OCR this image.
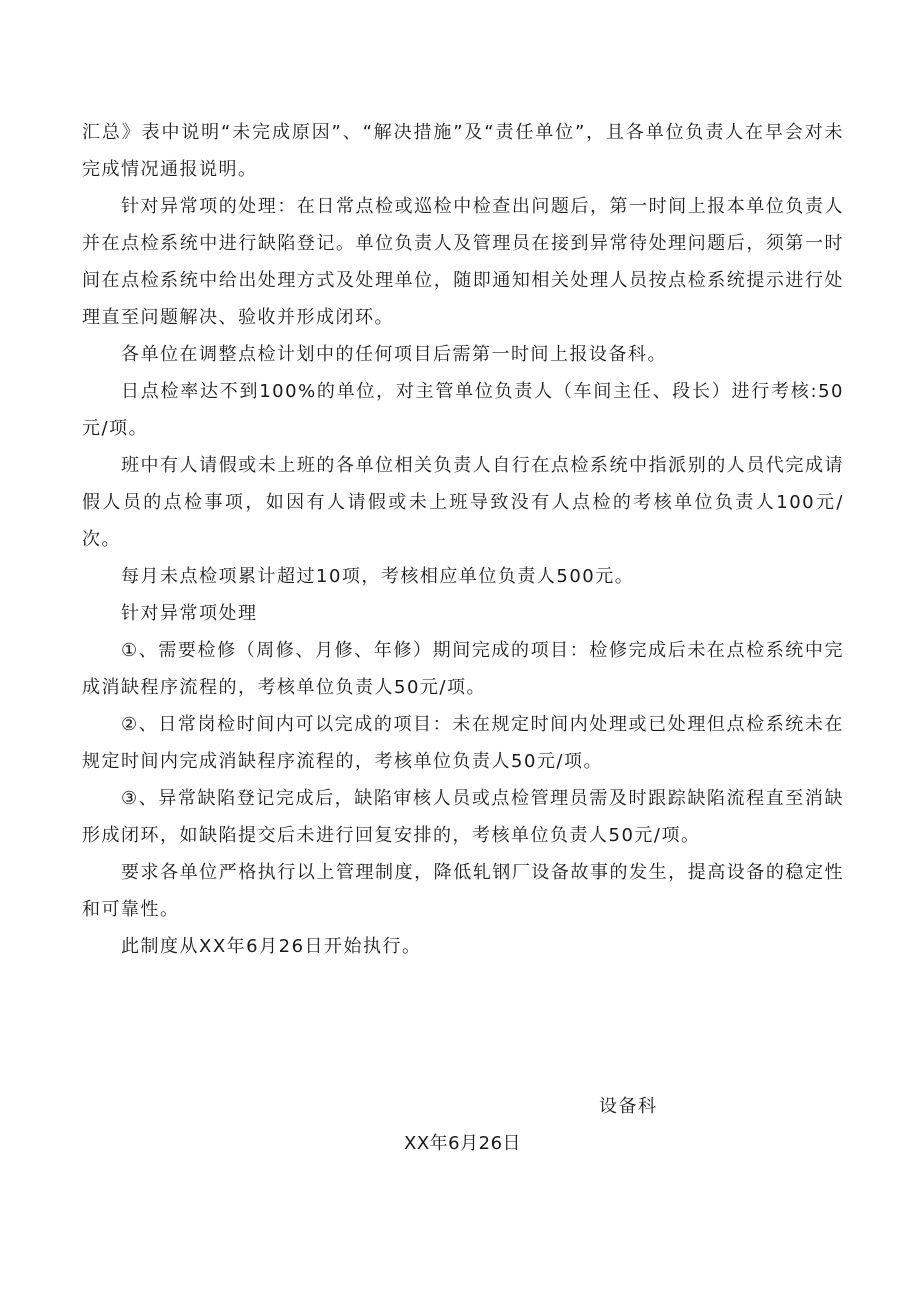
汇总》表中说明“未完成原因”、“解决措施”及“责任单位”，且各单位负责人在早会对未完成情况通报说明。

针对异常项的处理：在日常点检或巡检中检查出问题后，第一时间上报本单位负责人并在点检系统中进行缺陷登记。单位负责人及管理员在接到异常待处理问题后，须第一时间在点检系统中给出处理方式及处理单位，随即通知相关处理人员按点检系统提示进行处理直至问题解决、验收并形成闭环。

各单位在调整点检计划中的任何项目后需第一时间上报设备科。

日点检率达不到100%的单位，对主管单位负责人（车间主任、段长）进行考核:50元/项。

班中有人请假或未上班的各单位相关负责人自行在点检系统中指派别的人员代完成请假人员的点检事项，如因有人请假或未上班导致没有人点检的考核单位负责人100元/次。

每月未点检项累计超过10项，考核相应单位负责人500元。

针对异常项处理

①、需要检修（周修、月修、年修）期间完成的项目：检修完成后未在点检系统中完成消缺程序流程的，考核单位负责人50元/项。

②、日常岗检时间内可以完成的项目：未在规定时间内处理或已处理但点检系统未在规定时间内完成消缺程序流程的，考核单位负责人50元/项。

③、异常缺陷登记完成后，缺陷审核人员或点检管理员需及时跟踪缺陷流程直至消缺形成闭环，如缺陷提交后未进行回复安排的，考核单位负责人50元/项。

要求各单位严格执行以上管理制度，降低轧钢厂设备故事的发生，提高设备的稳定性和可靠性。

此制度从XX年6月26日开始执行。

设备科

XX年6月26日
